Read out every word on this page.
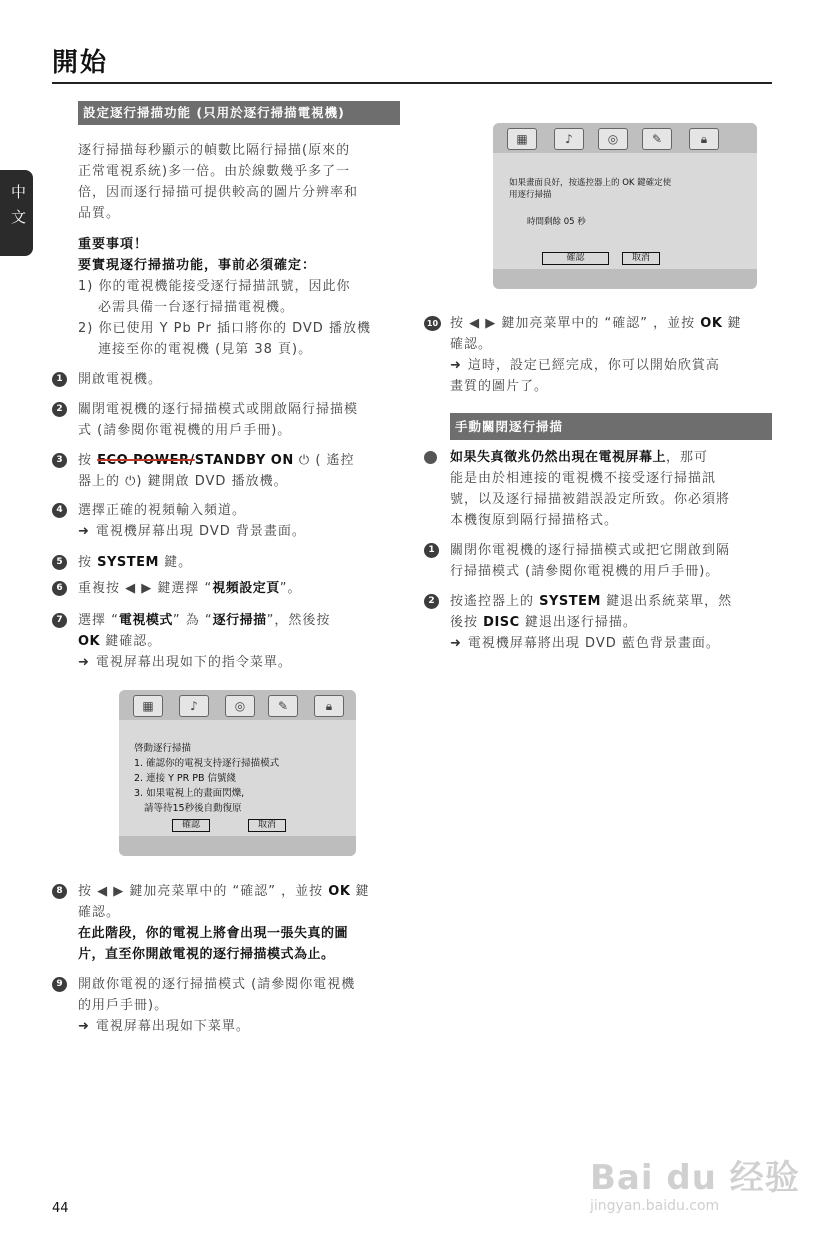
開始
中文
設定逐行掃描功能 (只用於逐行掃描電視機)
逐行掃描每秒顯示的幀數比隔行掃描(原來的
正常電視系統)多一倍。由於線數幾乎多了一
倍，因而逐行掃描可提供較高的圖片分辨率和
品質。
重要事項！
要實現逐行掃描功能，事前必須確定：
1) 你的電視機能接受逐行掃描訊號，因此你
必需具備一台逐行掃描電視機。
2) 你已使用 Y Pb Pr 插口將你的 DVD 播放機
連接至你的電視機 (見第 38 頁)。
1	開啟電視機。
2	關閉電視機的逐行掃描模式或開啟隔行掃描模
式 (請參閱你電視機的用戶手冊)。
3	按 ECO POWER/STANDBY ON ⏻ ( 遙控
器上的 ⏻) 鍵開啟 DVD 播放機。
4	選擇正確的視頻輸入頻道。
➜ 電視機屏幕出現 DVD 背景畫面。
5	按 SYSTEM 鍵。
6	重複按 ◀ ▶ 鍵選擇 “視頻設定頁”。
7	選擇 “電視模式” 為 “逐行掃描”，然後按
OK 鍵確認。
➜ 電視屏幕出現如下的指令菜單。
▦	♪	◎	✎	🔒︎
啓動逐行掃描
1. 確認你的電視支持逐行掃描模式
2. 連接 Y PR PB 信號綫
3. 如果電視上的畫面閃爍,
請等待15秒後自動復原
確認	取消
8	按 ◀ ▶ 鍵加亮菜單中的 “確認” ，並按 OK 鍵
確認。
在此階段，你的電視上將會出現一張失真的圖
片，直至你開啟電視的逐行掃描模式為止。
9	開啟你電視的逐行掃描模式 (請參閱你電視機
的用戶手冊)。
➜ 電視屏幕出現如下菜單。
▦	♪	◎	✎	🔒︎
如果畫面良好，按遙控器上的 OK 鍵確定使
用逐行掃描
時間剩餘 05 秒
確認	取消
10 按 ◀ ▶ 鍵加亮菜單中的 “確認” ，並按 OK 鍵
確認。
➜ 這時，設定已經完成，你可以開始欣賞高
畫質的圖片了。
手動關閉逐行掃描
如果失真徵兆仍然出現在電視屏幕上，那可
能是由於相連接的電視機不接受逐行掃描訊
號，以及逐行掃描被錯誤設定所致。你必須將
本機復原到隔行掃描格式。
1	關閉你電視機的逐行掃描模式或把它開啟到隔
行掃描模式 (請參閱你電視機的用戶手冊)。
2	按遙控器上的 SYSTEM 鍵退出系統菜單，然
後按 DISC 鍵退出逐行掃描。
➜ 電視機屏幕將出現 DVD 藍色背景畫面。
Bai du 经验
jingyan.baidu.com
44
